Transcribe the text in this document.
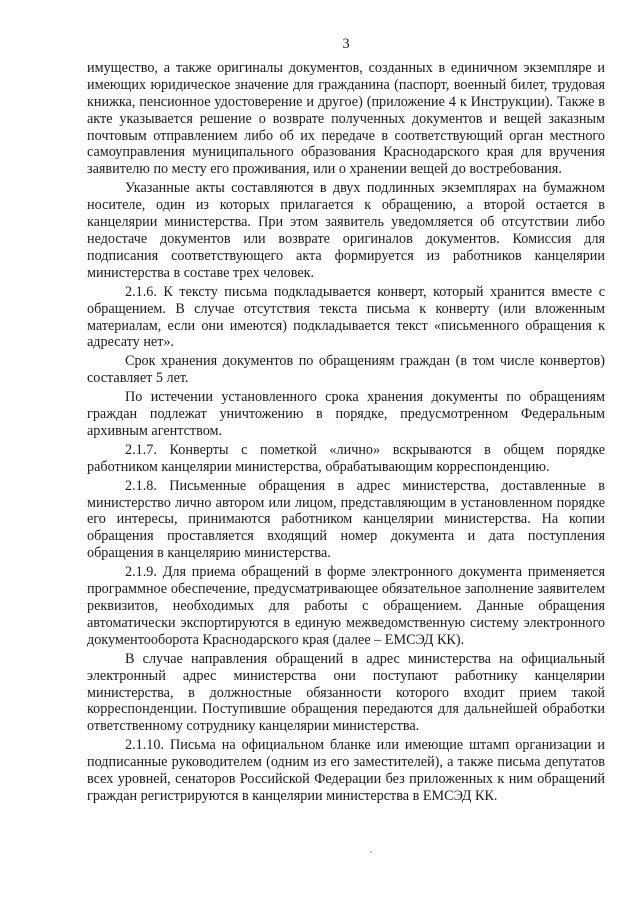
3

имущество, а также оригиналы документов, созданных в единичном экземпляре и имеющих юридическое значение для гражданина (паспорт, военный билет, трудовая книжка, пенсионное удостоверение и другое) (приложение 4 к Инструкции). Также в акте указывается решение о возврате полученных документов и вещей заказным почтовым отправлением либо об их передаче в соответствующий орган местного самоуправления муниципального образования Краснодарского края для вручения заявителю по месту его проживания, или о хранении вещей до востребования.

Указанные акты составляются в двух подлинных экземплярах на бумажном носителе, один из которых прилагается к обращению, а второй остается в канцелярии министерства. При этом заявитель уведомляется об отсутствии либо недостаче документов или возврате оригиналов документов. Комиссия для подписания соответствующего акта формируется из работников канцелярии министерства в составе трех человек.

2.1.6. К тексту письма подкладывается конверт, который хранится вместе с обращением. В случае отсутствия текста письма к конверту (или вложенным материалам, если они имеются) подкладывается текст «письменного обращения к адресату нет».

Срок хранения документов по обращениям граждан (в том числе конвертов) составляет 5 лет.

По истечении установленного срока хранения документы по обращениям граждан подлежат уничтожению в порядке, предусмотренном Федеральным архивным агентством.

2.1.7. Конверты с пометкой «лично» вскрываются в общем порядке работником канцелярии министерства, обрабатывающим корреспонденцию.

2.1.8. Письменные обращения в адрес министерства, доставленные в министерство лично автором или лицом, представляющим в установленном порядке его интересы, принимаются работником канцелярии министерства. На копии обращения проставляется входящий номер документа и дата поступления обращения в канцелярию министерства.

2.1.9. Для приема обращений в форме электронного документа применяется программное обеспечение, предусматривающее обязательное заполнение заявителем реквизитов, необходимых для работы с обращением. Данные обращения автоматически экспортируются в единую межведомственную систему электронного документооборота Краснодарского края (далее – ЕМСЭД КК).

В случае направления обращений в адрес министерства на официальный электронный адрес министерства они поступают работнику канцелярии министерства, в должностные обязанности которого входит прием такой корреспонденции. Поступившие обращения передаются для дальнейшей обработки ответственному сотруднику канцелярии министерства.

2.1.10. Письма на официальном бланке или имеющие штамп организации и подписанные руководителем (одним из его заместителей), а также письма депутатов всех уровней, сенаторов Российской Федерации без приложенных к ним обращений граждан регистрируются в канцелярии министерства в ЕМСЭД КК.
